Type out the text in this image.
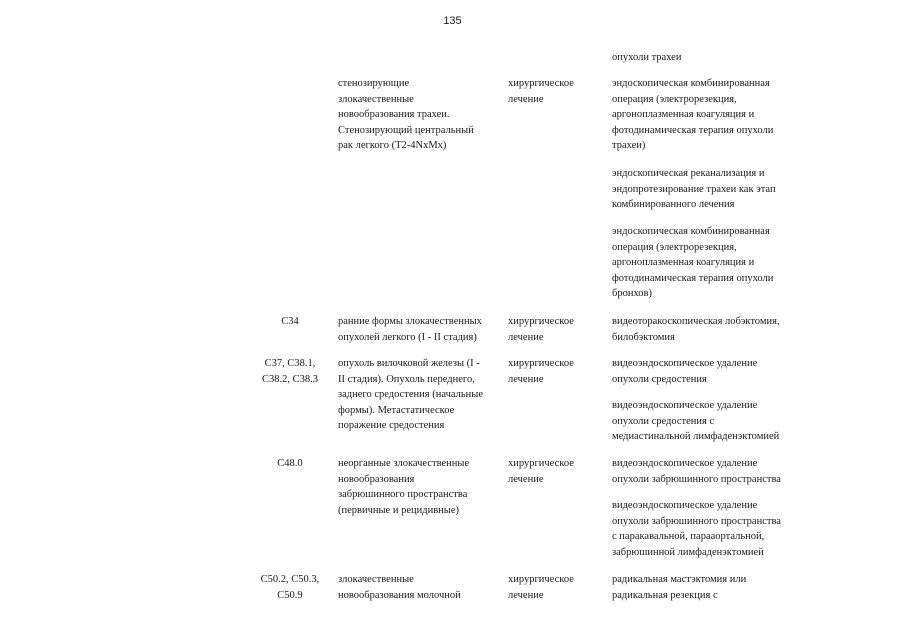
135
опухоли трахеи
стенозирующие
злокачественные
новообразования трахеи.
Стенозирующий центральный
рак легкого (T2-4NxMx)
хирургическое
лечение
эндоскопическая комбинированная
операция (электрорезекция,
аргоноплазменная коагуляция и
фотодинамическая терапия опухоли
трахеи)
эндоскопическая реканализация и
эндопротезирование трахеи как этап
комбинированного лечения
эндоскопическая комбинированная
операция (электрорезекция,
аргоноплазменная коагуляция и
фотодинамическая терапия опухоли
бронхов)
C34	ранние формы злокачественных
опухолей легкого (I - II стадия)
хирургическое
лечение
видеоторакоскопическая лобэктомия,
билобэктомия
C37, C38.1,
C38.2, C38.3
опухоль вилочковой железы (I -
II стадия). Опухоль переднего,
заднего средостения (начальные
формы). Метастатическое
поражение средостения
хирургическое
лечение
видеоэндоскопическое удаление
опухоли средостения
видеоэндоскопическое удаление
опухоли средостения с
медиастинальной лимфаденэктомией
C48.0	неорганные злокачественные
новообразования
забрюшинного пространства
(первичные и рецидивные)
хирургическое
лечение
видеоэндоскопическое удаление
опухоли забрюшинного пространства
видеоэндоскопическое удаление
опухоли забрюшинного пространства
с паракавальной, парааортальной,
забрюшинной лимфаденэктомией
C50.2, C50.3,
C50.9
злокачественные
новообразования молочной
хирургическое
лечение
радикальная мастэктомия или
радикальная резекция с
